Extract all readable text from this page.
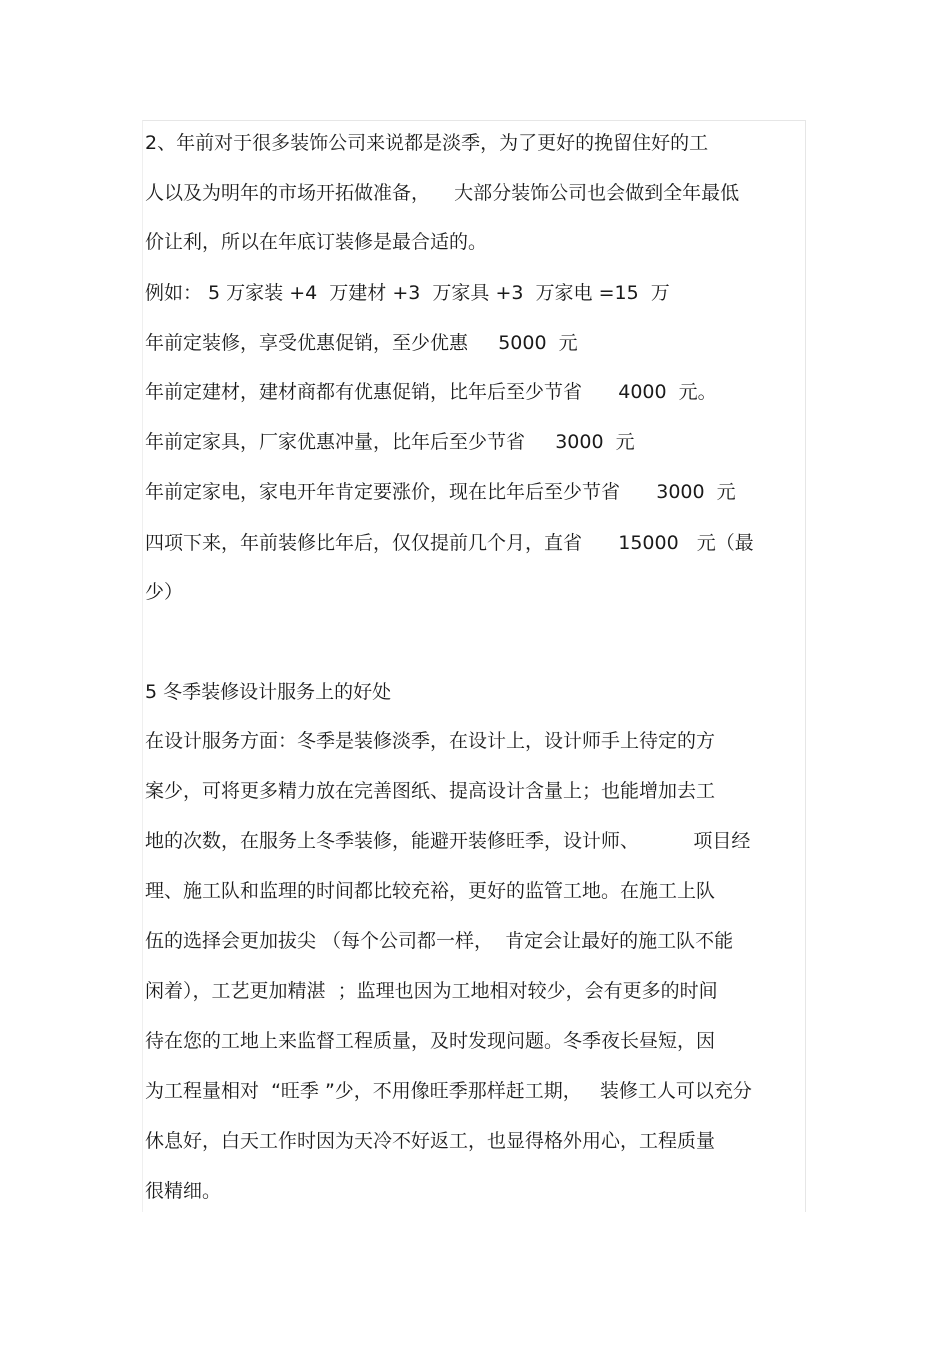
2、年前对于很多装饰公司来说都是淡季，为了更好的挽留住好的工
人以及为明年的市场开拓做准备，    大部分装饰公司也会做到全年最低
价让利，所以在年底订装修是最合适的。
例如： 5 万家装 +4  万建材 +3  万家具 +3  万家电 =15  万
年前定装修，享受优惠促销，至少优惠     5000  元
年前定建材，建材商都有优惠促销，比年后至少节省      4000  元。
年前定家具，厂家优惠冲量，比年后至少节省     3000  元
年前定家电，家电开年肯定要涨价，现在比年后至少节省      3000  元
四项下来，年前装修比年后，仅仅提前几个月，直省      15000   元（最
少）
5 冬季装修设计服务上的好处
在设计服务方面：冬季是装修淡季，在设计上，设计师手上待定的方
案少，可将更多精力放在完善图纸、提高设计含量上；也能增加去工
地的次数，在服务上冬季装修，能避开装修旺季，设计师、         项目经
理、施工队和监理的时间都比较充裕，更好的监管工地。在施工上队
伍的选择会更加拔尖 （每个公司都一样，  肯定会让最好的施工队不能
闲着），工艺更加精湛  ；监理也因为工地相对较少，会有更多的时间
待在您的工地上来监督工程质量，及时发现问题。冬季夜长昼短，因
为工程量相对  “旺季 ”少，不用像旺季那样赶工期，   装修工人可以充分
休息好，白天工作时因为天冷不好返工，也显得格外用心，工程质量
很精细。
